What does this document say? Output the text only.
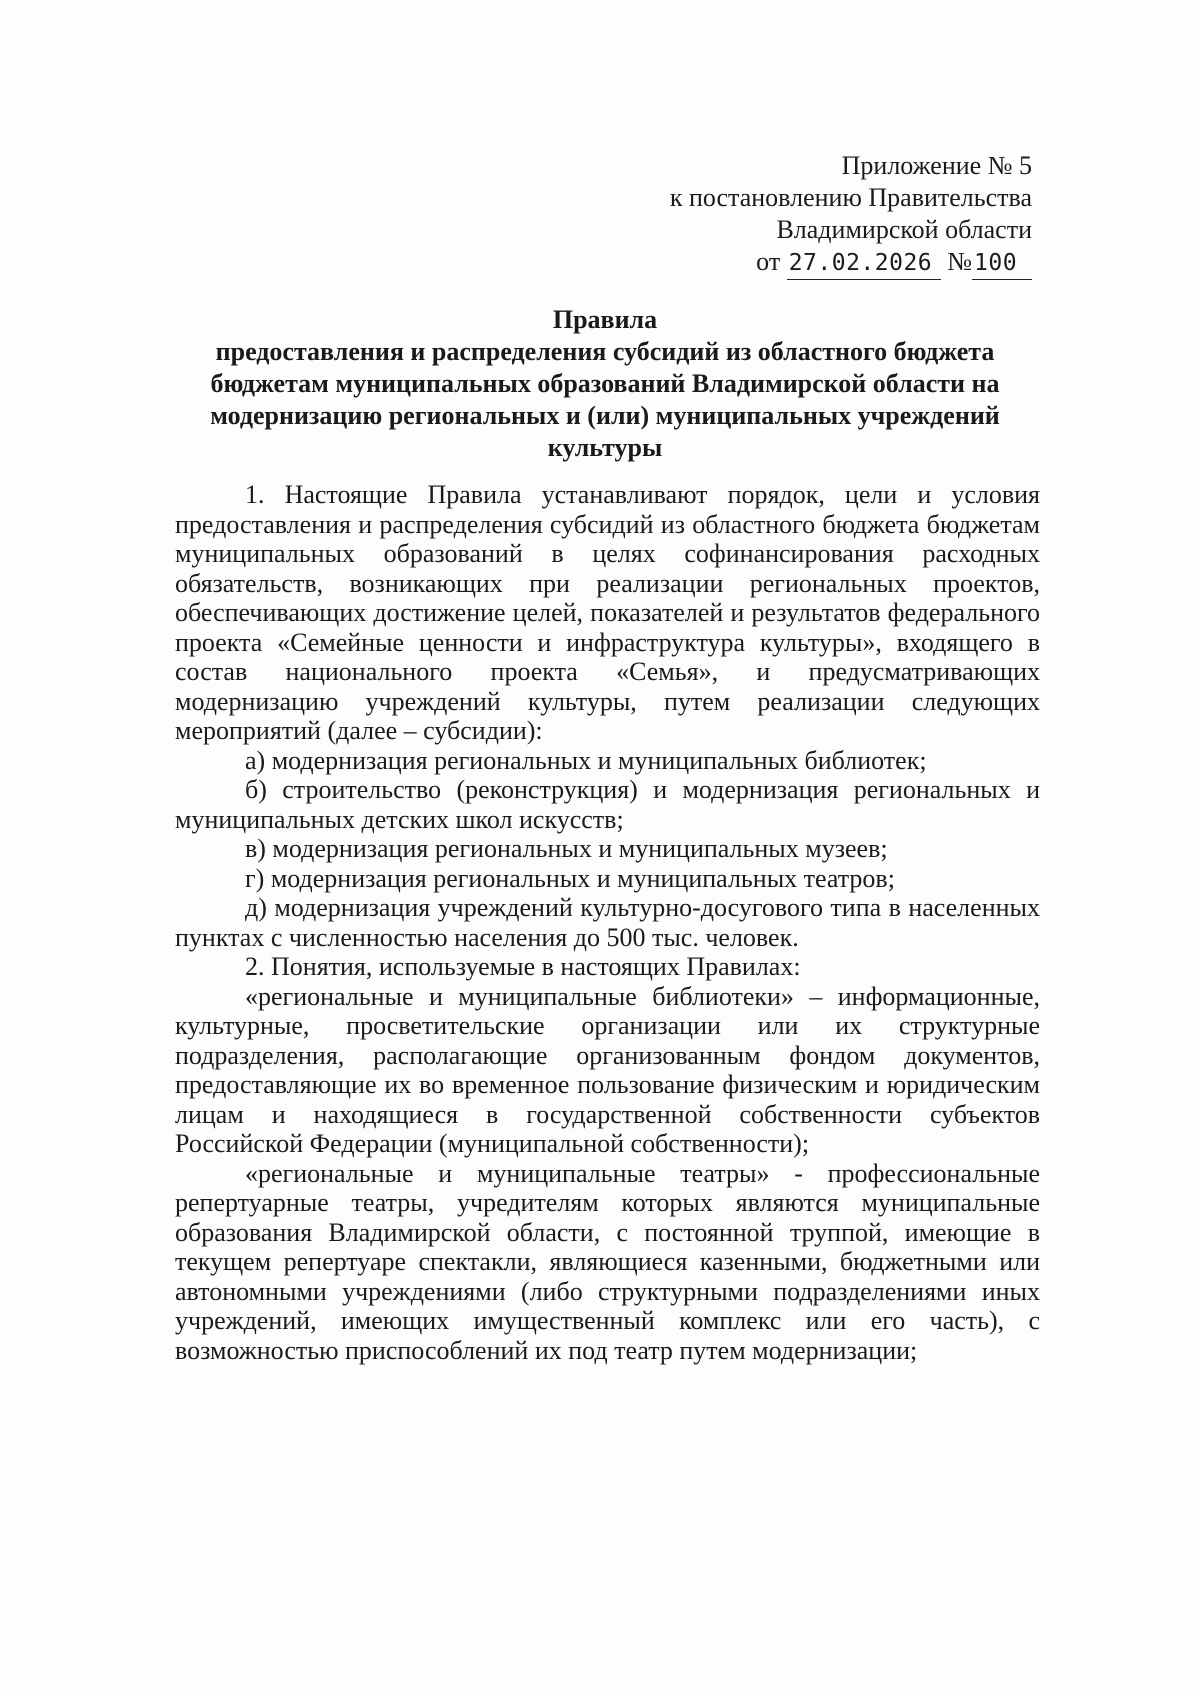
Приложение № 5
к постановлению Правительства
Владимирской области
от 27.02.2026 №100
Правила
предоставления и распределения субсидий из областного бюджета бюджетам муниципальных образований Владимирской области на модернизацию региональных и (или) муниципальных учреждений культуры

1. Настоящие Правила устанавливают порядок, цели и условия предоставления и распределения субсидий из областного бюджета бюджетам муниципальных образований в целях софинансирования расходных обязательств, возникающих при реализации региональных проектов, обеспечивающих достижение целей, показателей и результатов федерального проекта «Семейные ценности и инфраструктура культуры», входящего в состав национального проекта «Семья», и предусматривающих модернизацию учреждений культуры, путем реализации следующих мероприятий (далее – субсидии):

а) модернизация региональных и муниципальных библиотек;

б) строительство (реконструкция) и модернизация региональных и муниципальных детских школ искусств;

в) модернизация региональных и муниципальных музеев;

г) модернизация региональных и муниципальных театров;

д) модернизация учреждений культурно-досугового типа в населенных пунктах с численностью населения до 500 тыс. человек.

2. Понятия, используемые в настоящих Правилах:

«региональные и муниципальные библиотеки» – информационные, культурные, просветительские организации или их структурные подразделения, располагающие организованным фондом документов, предоставляющие их во временное пользование физическим и юридическим лицам и находящиеся в государственной собственности субъектов Российской Федерации (муниципальной собственности);

«региональные и муниципальные театры» - профессиональные репертуарные театры, учредителям которых являются муниципальные образования Владимирской области, с постоянной труппой, имеющие в текущем репертуаре спектакли, являющиеся казенными, бюджетными или автономными учреждениями (либо структурными подразделениями иных учреждений, имеющих имущественный комплекс или его часть), с возможностью приспособлений их под театр путем модернизации;
